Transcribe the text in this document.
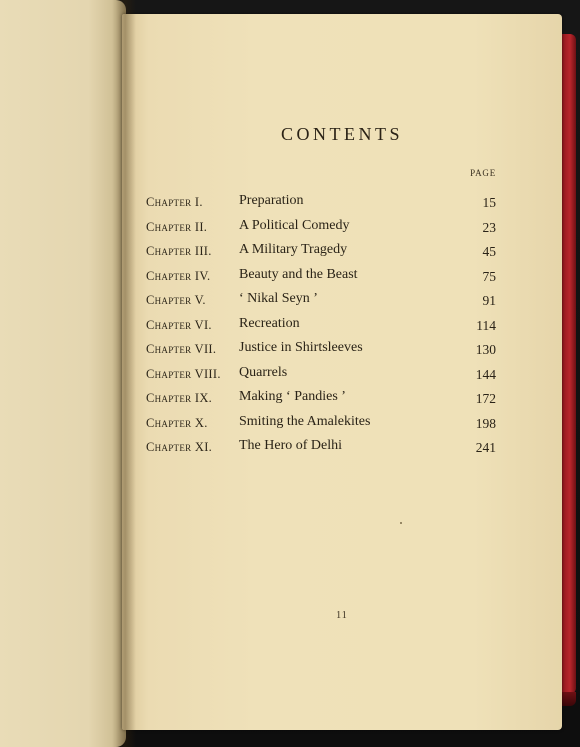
CONTENTS
PAGE
Chapter I.	Preparation	15
Chapter II. A Political Comedy	23
Chapter III. A Military Tragedy	45
Chapter IV. Beauty and the Beast	75
Chapter V. ‘ Nikal Seyn ’	91
Chapter VI. Recreation	114
Chapter VII. Justice in Shirtsleeves	130
Chapter VIII. Quarrels	144
Chapter IX. Making ‘ Pandies ’	172
Chapter X. Smiting the Amalekites	198
Chapter XI. The Hero of Delhi	241
11
